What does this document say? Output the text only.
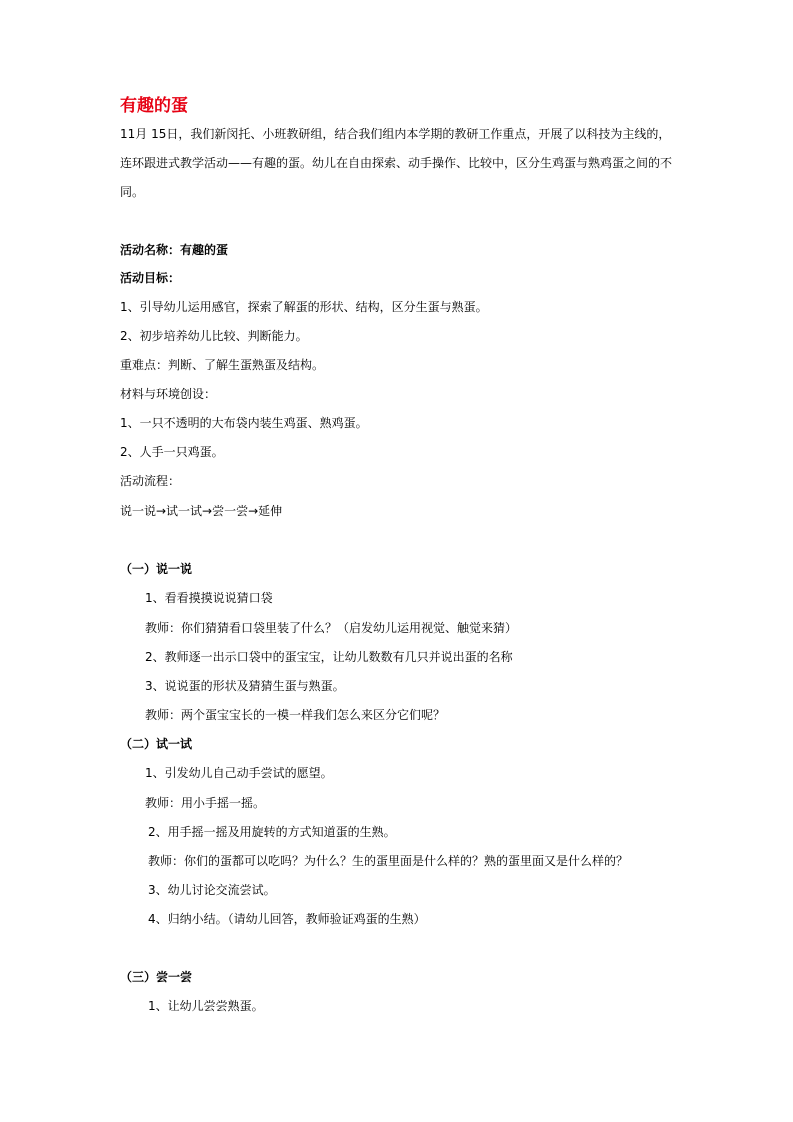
有趣的蛋
11月 15日，我们新闵托、小班教研组，结合我们组内本学期的教研工作重点，开展了以科技为主线的，
连环跟进式教学活动——有趣的蛋。幼儿在自由探索、动手操作、比较中，区分生鸡蛋与熟鸡蛋之间的不
同。
活动名称：有趣的蛋
活动目标：
1、引导幼儿运用感官，探索了解蛋的形状、结构，区分生蛋与熟蛋。
2、初步培养幼儿比较、判断能力。
重难点：判断、了解生蛋熟蛋及结构。
材料与环境创设：
1、一只不透明的大布袋内装生鸡蛋、熟鸡蛋。
2、人手一只鸡蛋。
活动流程：
说一说→试一试→尝一尝→延伸
（一）说一说
1、看看摸摸说说猜口袋
教师：你们猜猜看口袋里装了什么？（启发幼儿运用视觉、触觉来猜）
2、教师逐一出示口袋中的蛋宝宝，让幼儿数数有几只并说出蛋的名称
3、说说蛋的形状及猜猜生蛋与熟蛋。
教师：两个蛋宝宝长的一模一样我们怎么来区分它们呢？
（二）试一试
1、引发幼儿自己动手尝试的愿望。
教师：用小手摇一摇。
2、用手摇一摇及用旋转的方式知道蛋的生熟。
教师：你们的蛋都可以吃吗？为什么？生的蛋里面是什么样的？熟的蛋里面又是什么样的？
3、幼儿讨论交流尝试。
4、归纳小结。（请幼儿回答，教师验证鸡蛋的生熟）
（三）尝一尝
1、让幼儿尝尝熟蛋。
